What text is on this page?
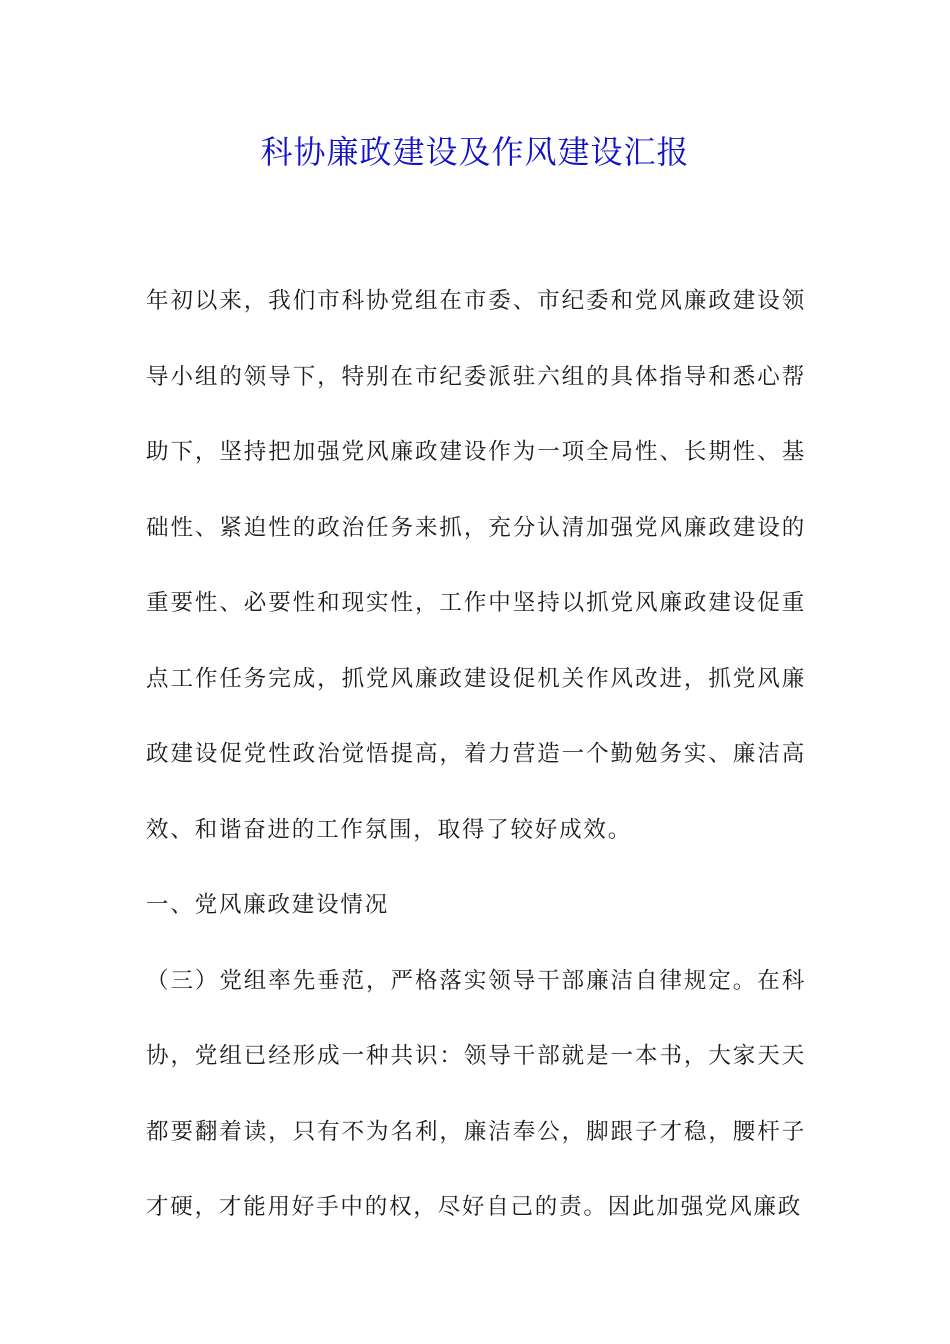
科协廉政建设及作风建设汇报

年初以来，我们市科协党组在市委、市纪委和党风廉政建设领导小组的领导下，特别在市纪委派驻六组的具体指导和悉心帮助下，坚持把加强党风廉政建设作为一项全局性、长期性、基础性、紧迫性的政治任务来抓，充分认清加强党风廉政建设的重要性、必要性和现实性，工作中坚持以抓党风廉政建设促重点工作任务完成，抓党风廉政建设促机关作风改进，抓党风廉政建设促党性政治觉悟提高，着力营造一个勤勉务实、廉洁高效、和谐奋进的工作氛围，取得了较好成效。

一、党风廉政建设情况

（三）党组率先垂范，严格落实领导干部廉洁自律规定。在科协，党组已经形成一种共识：领导干部就是一本书，大家天天都要翻着读，只有不为名利，廉洁奉公，脚跟子才稳，腰杆子才硬，才能用好手中的权，尽好自己的责。因此加强党风廉政
